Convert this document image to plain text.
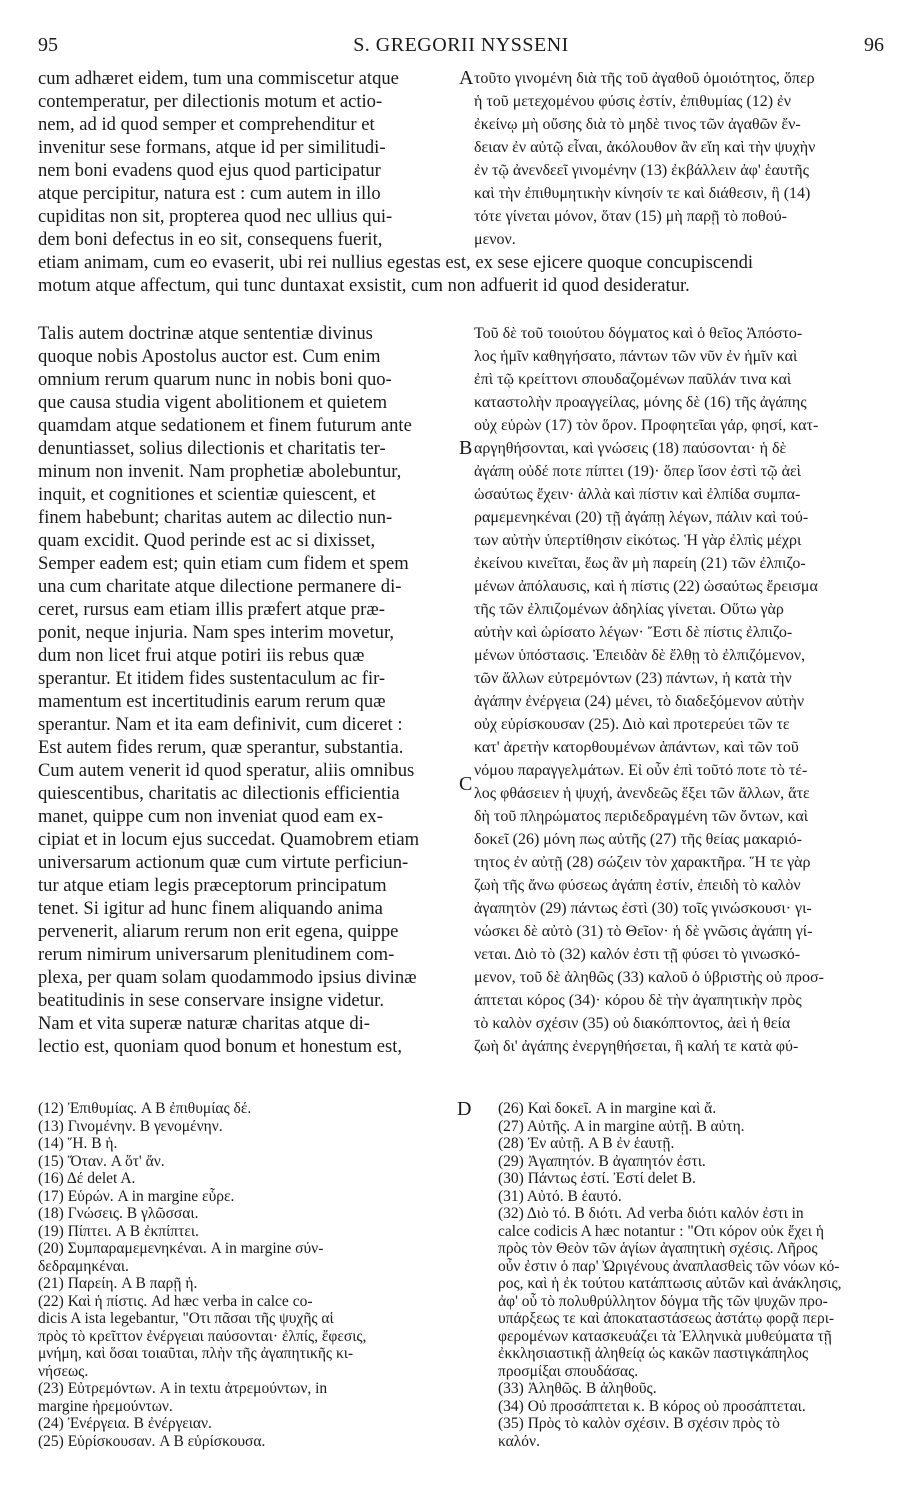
95	S. GREGORII NYSSENI	96
cum adhæret eidem, tum una commiscetur atque
contemperatur, per dilectionis motum et actio-
nem, ad id quod semper et comprehenditur et
invenitur sese formans, atque id per similitudi-
nem boni evadens quod ejus quod participatur
atque percipitur, natura est : cum autem in illo
cupiditas non sit, propterea quod nec ullius qui-
dem boni defectus in eo sit, consequens fuerit,
A τοῦτο γινομένη διὰ τῆς τοῦ ἀγαθοῦ ὁμοιότητος, ὅπερ
ἡ τοῦ μετεχομένου φύσις ἐστίν, ἐπιθυμίας (12) ἐν
ἐκείνῳ μὴ οὔσης διὰ τὸ μηδὲ τινος τῶν ἀγαθῶν ἔν-
δειαν ἐν αὐτῷ εἶναι, ἀκόλουθον ἂν εἴη καὶ τὴν ψυχὴν
ἐν τῷ ἀνενδεεῖ γινομένην (13) ἐκβάλλειν ἀφ' ἑαυτῆς
καὶ τὴν ἐπιθυμητικὴν κίνησίν τε καὶ διάθεσιν, ἣ (14)
τότε γίνεται μόνον, ὅταν (15) μὴ παρῇ τὸ ποθού-
μενον.
etiam animam, cum eo evaserit, ubi rei nullius egestas est, ex sese ejicere quoque concupiscendi
motum atque affectum, qui tunc duntaxat exsistit, cum non adfuerit id quod desideratur.
Talis autem doctrinæ atque sententiæ divinus
quoque nobis Apostolus auctor est. Cum enim
omnium rerum quarum nunc in nobis boni quo-
que causa studia vigent abolitionem et quietem
quamdam atque sedationem et finem futurum ante
denuntiasset, solius dilectionis et charitatis ter-
minum non invenit. Nam prophetiæ abolebuntur,
inquit, et cognitiones et scientiæ quiescent, et
finem habebunt; charitas autem ac dilectio nun-
quam excidit. Quod perinde est ac si dixisset,
Semper eadem est; quin etiam cum fidem et spem
una cum charitate atque dilectione permanere di-
ceret, rursus eam etiam illis præfert atque præ-
ponit, neque injuria. Nam spes interim movetur,
dum non licet frui atque potiri iis rebus quæ
sperantur. Et itidem fides sustentaculum ac fir-
mamentum est incertitudinis earum rerum quæ
sperantur. Nam et ita eam definivit, cum diceret :
Est autem fides rerum, quæ sperantur, substantia.
Cum autem venerit id quod speratur, aliis omnibus
quiescentibus, charitatis ac dilectionis efficientia
manet, quippe cum non inveniat quod eam ex-
cipiat et in locum ejus succedat. Quamobrem etiam
universarum actionum quæ cum virtute perficiun-
tur atque etiam legis præceptorum principatum
tenet. Si igitur ad hunc finem aliquando anima
pervenerit, aliarum rerum non erit egena, quippe
rerum nimirum universarum plenitudinem com-
plexa, per quam solam quodammodo ipsius divinæ
beatitudinis in sese conservare insigne videtur.
Nam et vita superæ naturæ charitas atque di-
lectio est, quoniam quod bonum et honestum est,
B
C
Τοῦ δὲ τοῦ τοιούτου δόγματος καὶ ὁ θεῖος Ἀπόστο-
λος ἡμῖν καθηγήσατο, πάντων τῶν νῦν ἐν ἡμῖν καὶ
ἐπὶ τῷ κρείττονι σπουδαζομένων παῦλάν τινα καὶ
καταστολὴν προαγγείλας, μόνης δὲ (16) τῆς ἀγάπης
οὐχ εὑρὼν (17) τὸν ὅρον. Προφητεῖαι γάρ, φησί, κατ-
αργηθήσονται, καὶ γνώσεις (18) παύσονται· ἡ δὲ
ἀγάπη οὐδέ ποτε πίπτει (19)· ὅπερ ἴσον ἐστὶ τῷ ἀεὶ
ὡσαύτως ἔχειν· ἀλλὰ καὶ πίστιν καὶ ἐλπίδα συμπα-
ραμεμενηκέναι (20) τῇ ἀγάπῃ λέγων, πάλιν καὶ τού-
των αὐτὴν ὑπερτίθησιν εἰκότως. Ἡ γὰρ ἐλπὶς μέχρι
ἐκείνου κινεῖται, ἕως ἂν μὴ παρείη (21) τῶν ἐλπιζο-
μένων ἀπόλαυσις, καὶ ἡ πίστις (22) ὡσαύτως ἔρεισμα
τῆς τῶν ἐλπιζομένων ἀδηλίας γίνεται. Οὕτω γὰρ
αὐτὴν καὶ ὡρίσατο λέγων· Ἔστι δὲ πίστις ἐλπιζο-
μένων ὑπόστασις. Ἐπειδὰν δὲ ἔλθῃ τὸ ἐλπιζόμενον,
τῶν ἄλλων εὐτρεμόντων (23) πάντων, ἡ κατὰ τὴν
ἀγάπην ἐνέργεια (24) μένει, τὸ διαδεξόμενον αὐτὴν
οὐχ εὑρίσκουσαν (25). Διὸ καὶ προτερεύει τῶν τε
κατ' ἀρετὴν κατορθουμένων ἁπάντων, καὶ τῶν τοῦ
νόμου παραγγελμάτων. Εἰ οὖν ἐπὶ τοῦτό ποτε τὸ τέ-
λος φθάσειεν ἡ ψυχή, ἀνενδεῶς ἕξει τῶν ἄλλων, ἅτε
δὴ τοῦ πληρώματος περιδεδραγμένη τῶν ὄντων, καὶ
δοκεῖ (26) μόνη πως αὐτῆς (27) τῆς θείας μακαριό-
τητος ἐν αὐτῇ (28) σώζειν τὸν χαρακτῆρα. Ἥ τε γὰρ
ζωὴ τῆς ἄνω φύσεως ἀγάπη ἐστίν, ἐπειδὴ τὸ καλὸν
ἀγαπητὸν (29) πάντως ἐστὶ (30) τοῖς γινώσκουσι· γι-
νώσκει δὲ αὐτὸ (31) τὸ Θεῖον· ἡ δὲ γνῶσις ἀγάπη γί-
νεται. Διὸ τὸ (32) καλόν ἐστι τῇ φύσει τὸ γινωσκό-
μενον, τοῦ δὲ ἀληθῶς (33) καλοῦ ὁ ὑβριστὴς οὐ προσ-
άπτεται κόρος (34)· κόρου δὲ τὴν ἀγαπητικὴν πρὸς
τὸ καλὸν σχέσιν (35) οὐ διακόπτοντος, ἀεὶ ἡ θεία
ζωὴ δι' ἀγάπης ἐνεργηθήσεται, ἣ καλή τε κατὰ φύ-
(12) Ἐπιθυμίας. A B ἐπιθυμίας δέ.
(13) Γινομένην. B γενομένην.
(14) Ἥ. B ἡ.
(15) Ὅταν. A ὅτ' ἄν.
(16) Δέ delet A.
(17) Εὑρών. A in margine εὗρε.
(18) Γνώσεις. B γλῶσσαι.
(19) Πίπτει. A B ἐκπίπτει.
(20) Συμπαραμεμενηκέναι. A in margine σύν-
δεδραμηκέναι.
(21) Παρείη. A B παρῇ ἡ.
(22) Καὶ ἡ πίστις. Ad hæc verba in calce co-
dicis A ista legebantur, "Οτι πᾶσαι τῆς ψυχῆς αἱ
πρὸς τὸ κρεῖττον ἐνέργειαι παύσονται· ἐλπίς, ἔφεσις,
μνήμη, καὶ ὅσαι τοιαῦται, πλὴν τῆς ἀγαπητικῆς κι-
νήσεως.
(23) Εὐτρεμόντων. A in textu ἀτρεμούντων, in
margine ἠρεμούντων.
(24) Ἐνέργεια. B ἐνέργειαν.
(25) Εὑρίσκουσαν. A B εὑρίσκουσα.
D (26) Καὶ δοκεῖ. A in margine καὶ ἄ.
(27) Αὐτῆς. A in margine αὐτῇ. B αὐτη.
(28) Ἐν αὐτῇ. A B ἐν ἑαυτῇ.
(29) Ἀγαπητόν. B ἀγαπητόν ἐστι.
(30) Πάντως ἐστί. Ἐστί delet B.
(31) Αὐτό. B ἑαυτό.
(32) Διὸ τό. B διότι. Ad verba διότι καλόν ἐστι in
calce codicis A hæc notantur : "Οτι κόρον οὐκ ἔχει ἡ
πρὸς τὸν Θεὸν τῶν ἁγίων ἀγαπητικὴ σχέσις. Λῆρος
οὖν ἐστιν ὁ παρ' Ὠριγένους ἀναπλασθεὶς τῶν νόων κό-
ρος, καὶ ἡ ἐκ τούτου κατάπτωσις αὐτῶν καὶ ἀνάκλησις,
ἀφ' οὗ τὸ πολυθρύλλητον δόγμα τῆς τῶν ψυχῶν προ-
υπάρξεως τε καὶ ἀποκαταστάσεως ἀστάτῳ φορᾷ περι-
φερομένων κατασκευάζει τὰ Ἑλληνικὰ μυθεύματα τῇ
ἐκκλησιαστικῇ ἀληθείᾳ ὡς κακῶν παστιγκάπηλος
προσμίξαι σπουδάσας.
(33) Ἀληθῶς. B ἀληθοῦς.
(34) Οὐ προσάπτεται κ. B κόρος οὐ προσάπτεται.
(35) Πρὸς τὸ καλὸν σχέσιν. B σχέσιν πρὸς τὸ
καλόν.
